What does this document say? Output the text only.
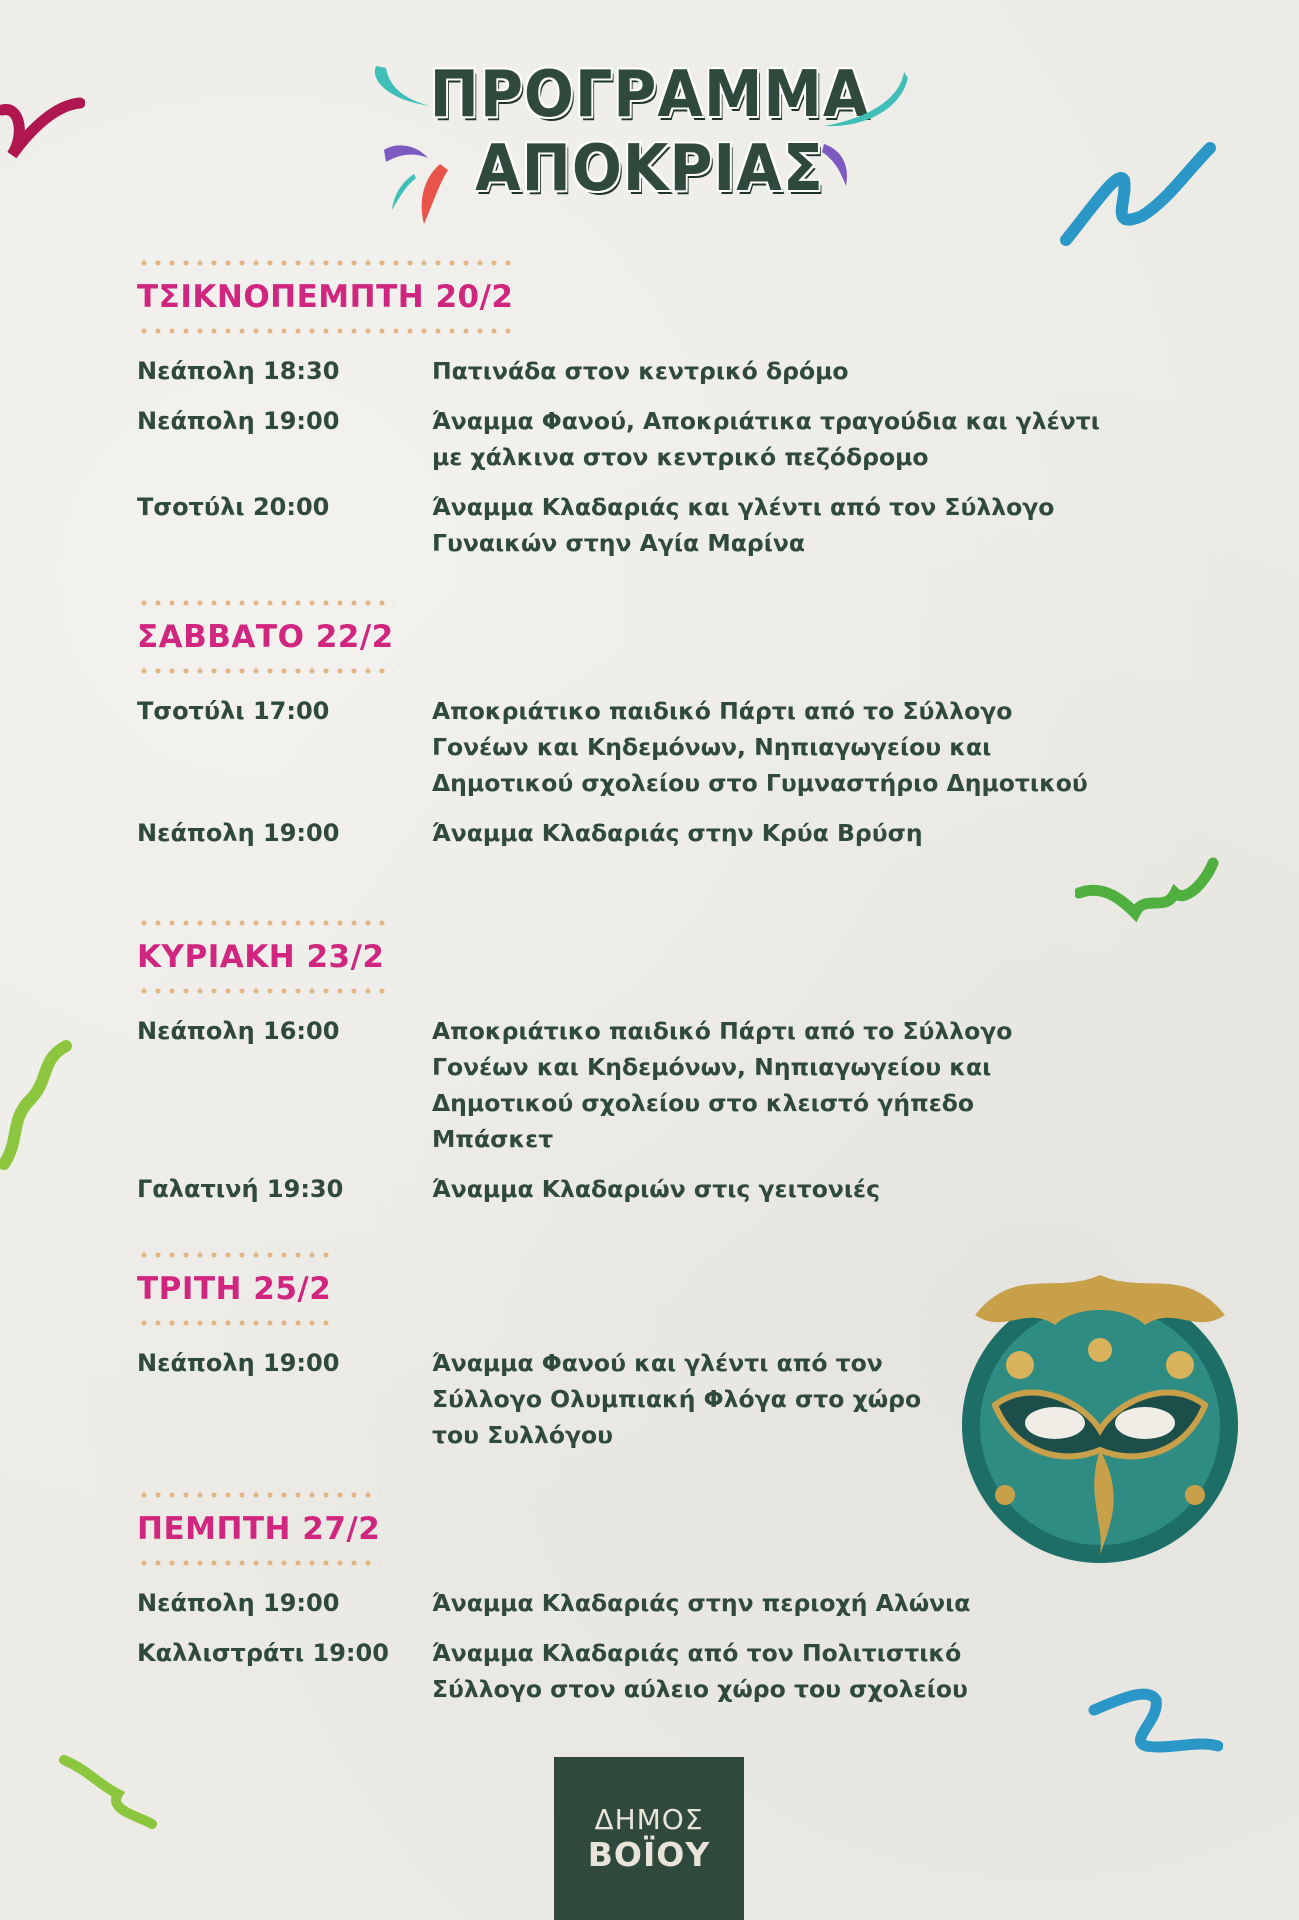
ΠΡΟΓΡΑΜΜΑ
ΑΠΟΚΡΙΑΣ
ΤΣΙΚΝΟΠΕΜΠΤΗ 20/2
Νεάπολη 18:30	Πατινάδα στον κεντρικό δρόμο
Νεάπολη 19:00	Άναμμα Φανού, Αποκριάτικα τραγούδια και γλέντι με χάλκινα στον κεντρικό πεζόδρομο
Τσοτύλι 20:00	Άναμμα Κλαδαριάς και γλέντι από τον Σύλλογο Γυναικών στην Αγία Μαρίνα
ΣΑΒΒΑΤΟ 22/2
Τσοτύλι 17:00	Αποκριάτικο παιδικό Πάρτι από το Σύλλογο Γονέων και Κηδεμόνων, Νηπιαγωγείου και Δημοτικού σχολείου στο Γυμναστήριο Δημοτικού
Νεάπολη 19:00	Άναμμα Κλαδαριάς στην Κρύα Βρύση
ΚΥΡΙΑΚΗ 23/2
Νεάπολη 16:00	Αποκριάτικο παιδικό Πάρτι από το Σύλλογο Γονέων και Κηδεμόνων, Νηπιαγωγείου και Δημοτικού σχολείου στο κλειστό γήπεδο Μπάσκετ
Γαλατινή 19:30	Άναμμα Κλαδαριών στις γειτονιές
ΤΡΙΤΗ 25/2
Νεάπολη 19:00	Άναμμα Φανού και γλέντι από τον Σύλλογο Ολυμπιακή Φλόγα στο χώρο του Συλλόγου
ΠΕΜΠΤΗ 27/2
Νεάπολη 19:00	Άναμμα Κλαδαριάς στην περιοχή Αλώνια
Καλλιστράτι 19:00	Άναμμα Κλαδαριάς από τον Πολιτιστικό Σύλλογο στον αύλειο χώρο του σχολείου
ΔΗΜΟΣ
ΒΟΪΟΥ
